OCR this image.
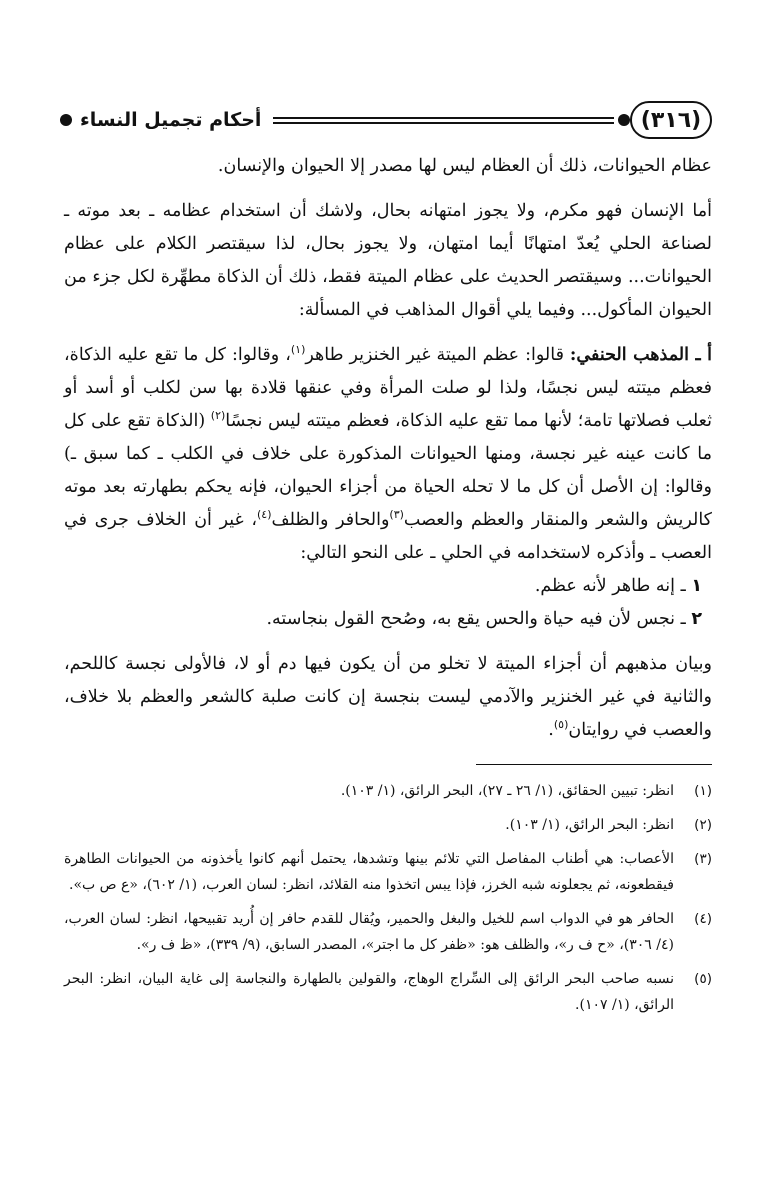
(٣١٦)
أحكام تجميل النساء

عظام الحيوانات، ذلك أن العظام ليس لها مصدر إلا الحيوان والإنسان.

أما الإنسان فهو مكرم، ولا يجوز امتهانه بحال، ولاشك أن استخدام عظامه ـ بعد موته ـ لصناعة الحلي يُعدّ امتهانًا أيما امتهان، ولا يجوز بحال، لذا سيقتصر الكلام على عظام الحيوانات... وسيقتصر الحديث على عظام الميتة فقط، ذلك أن الذكاة مطهِّرة لكل جزء من الحيوان المأكول... وفيما يلي أقوال المذاهب في المسألة:

أ ـ المذهب الحنفي: قالوا: عظم الميتة غير الخنزير طاهر$^{(١)}$، وقالوا: كل ما تقع عليه الذكاة، فعظم ميتته ليس نجسًا، ولذا لو صلت المرأة وفي عنقها قلادة بها سن لكلب أو أسد أو ثعلب فصلاتها تامة؛ لأنها مما تقع عليه الذكاة، فعظم ميتته ليس نجسًا$^{(٢)}$ (الذكاة تقع على كل ما كانت عينه غير نجسة، ومنها الحيوانات المذكورة على خلاف في الكلب ـ كما سبق ـ) وقالوا: إن الأصل أن كل ما لا تحله الحياة من أجزاء الحيوان، فإنه يحكم بطهارته بعد موته كالريش والشعر والمنقار والعظم والعصب$^{(٣)}$والحافر والظلف$^{(٤)}$، غير أن الخلاف جرى في العصب ـ وأذكره لاستخدامه في الحلي ـ على النحو التالي:

١ ـ إنه طاهر لأنه عظم.
٢ ـ نجس لأن فيه حياة والحس يقع به، وصُحح القول بنجاسته.

وبيان مذهبهم أن أجزاء الميتة لا تخلو من أن يكون فيها دم أو لا، فالأولى نجسة كاللحم، والثانية في غير الخنزير والآدمي ليست بنجسة إن كانت صلبة كالشعر والعظم بلا خلاف، والعصب في روايتان$^{(٥)}$.

(١)
انظر: تبيين الحقائق، (١/ ٢٦ ـ ٢٧)، البحر الرائق، (١/ ١٠٣).
(٢)
انظر: البحر الرائق، (١/ ١٠٣).
(٣)
الأعصاب: هي أطناب المفاصل التي تلائم بينها وتشدها، يحتمل أنهم كانوا يأخذونه من الحيوانات الطاهرة فيقطعونه، ثم يجعلونه شبه الخرز، فإذا يبس اتخذوا منه القلائد، انظر: لسان العرب، (١/ ٦٠٢)، «ع ص ب».
(٤)
الحافر هو في الدواب اسم للخيل والبغل والحمير، ويُقال للقدم حافر إن أُريد تقبيحها، انظر: لسان العرب، (٤/ ٣٠٦)، «ح ف ر»، والظلف هو: «ظفر كل ما اجتر»، المصدر السابق، (٩/ ٣٣٩)، «ظ ف ر».
(٥)
نسبه صاحب البحر الرائق إلى السِّراج الوهاج، والقولين بالطهارة والنجاسة إلى غاية البيان، انظر: البحر الرائق، (١/ ١٠٧).
